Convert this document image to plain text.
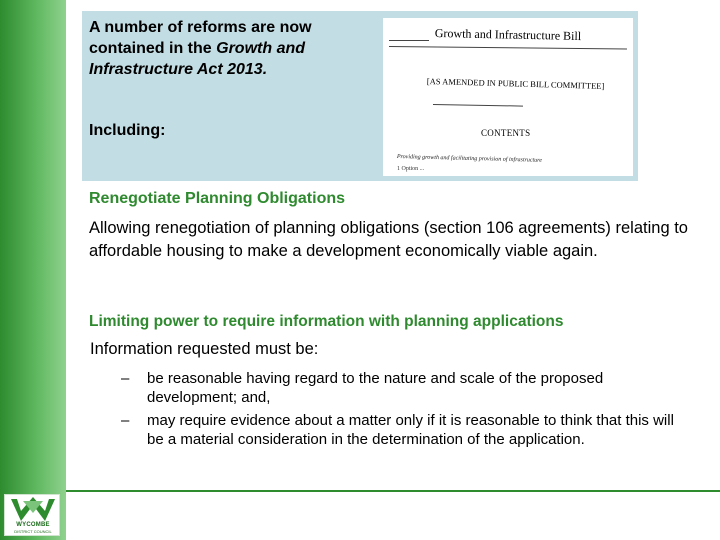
WYCOMBE
DISTRICT COUNCIL
A number of reforms are now contained in the Growth and Infrastructure Act 2013.
Including:
Growth and Infrastructure Bill
[AS AMENDED IN PUBLIC BILL COMMITTEE]
CONTENTS
Providing growth and facilitating provision of infrastructure
1 Option ...
Renegotiate Planning Obligations
Allowing renegotiation of planning obligations (section 106 agreements) relating to affordable housing to make a development economically viable again.
Limiting power to require information with planning applications
Information requested must be:
– be reasonable having regard to the nature and scale of the proposed development; and,
– may require evidence about a matter only if it is reasonable to think that this will be a material consideration in the determination of the application.
